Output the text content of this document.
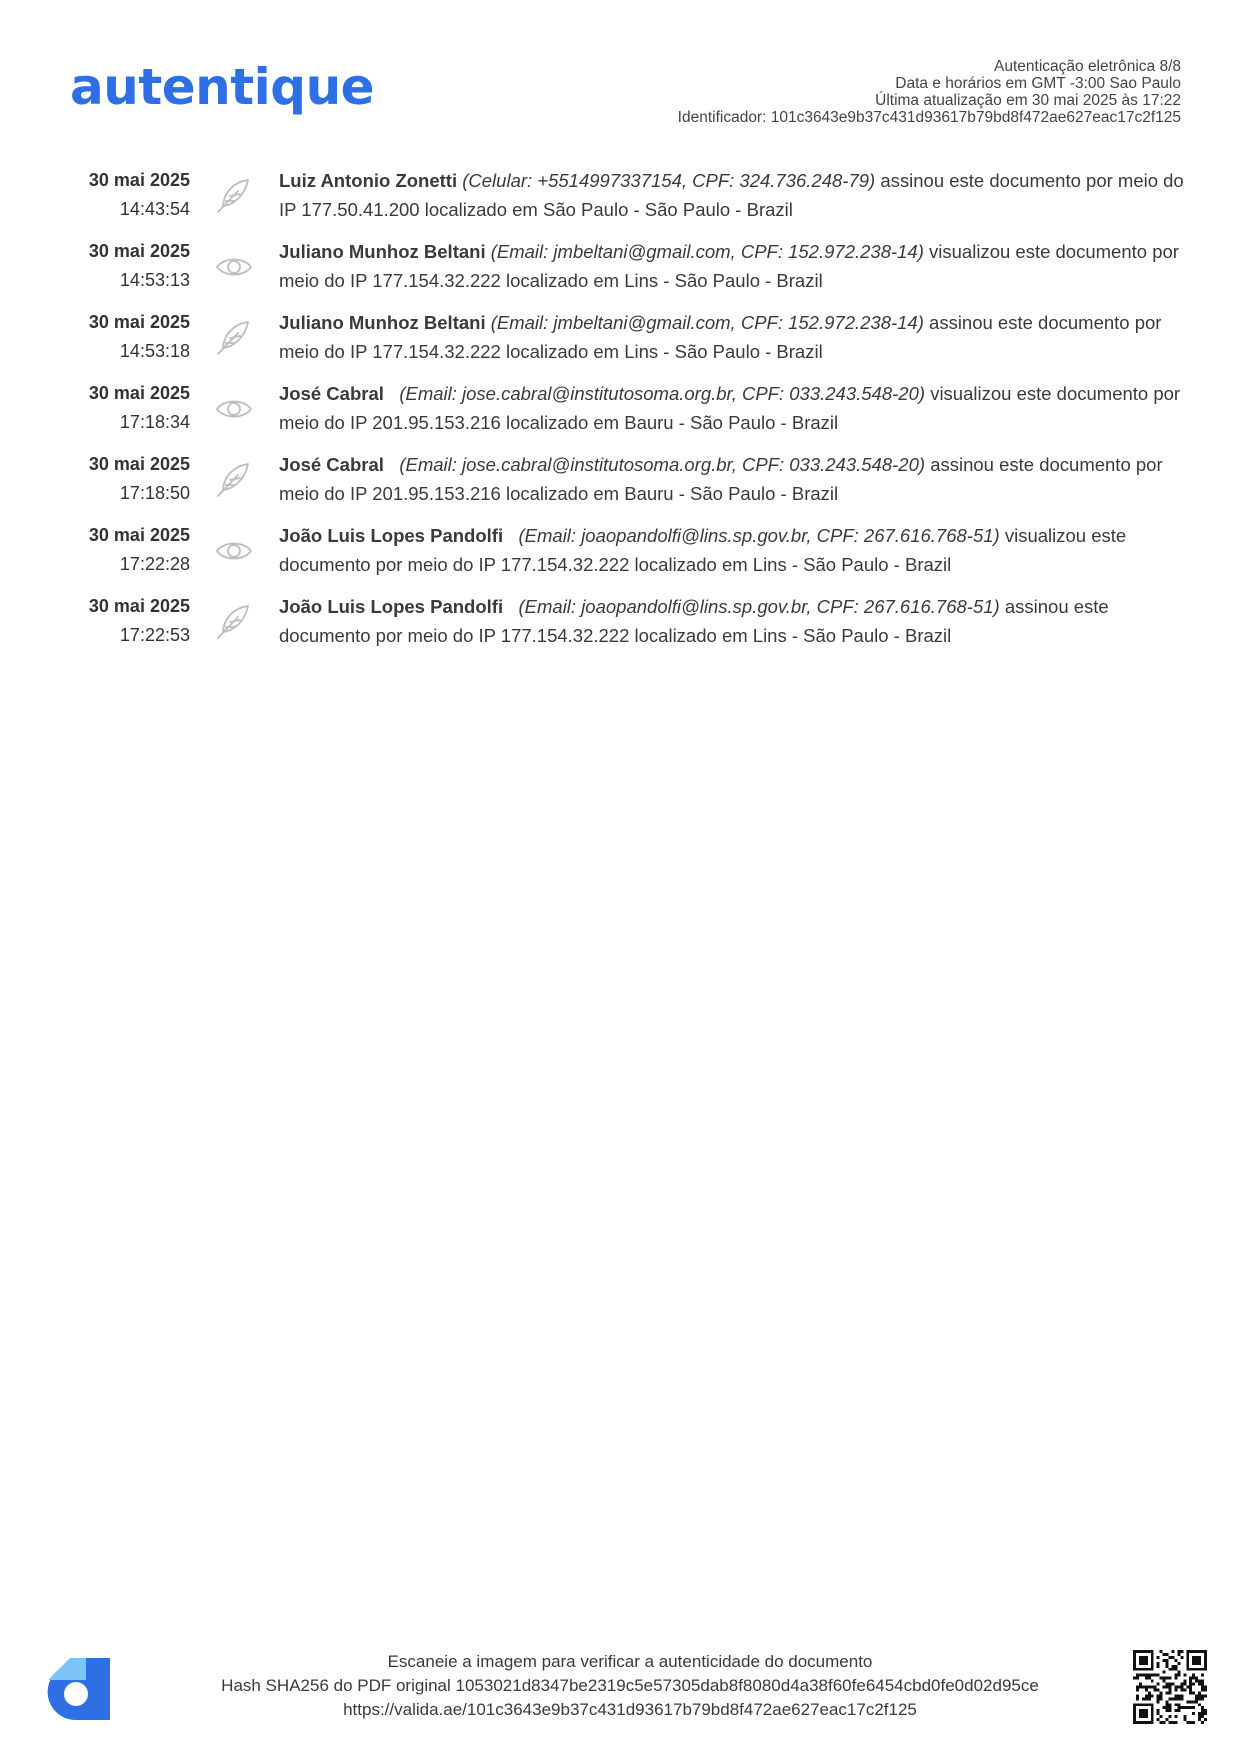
autentique	Autenticação eletrônica 8/8
Data e horários em GMT -3:00 Sao Paulo
Última atualização em 30 mai 2025 às 17:22
Identificador: 101c3643e9b37c431d93617b79bd8f472ae627eac17c2f125
30 mai 2025
14:43:54
Luiz Antonio Zonetti (Celular: +5514997337154, CPF: 324.736.248-79) assinou este documento por meio do IP 177.50.41.200 localizado em São Paulo - São Paulo - Brazil
30 mai 2025
14:53:13
Juliano Munhoz Beltani (Email: jmbeltani@gmail.com, CPF: 152.972.238-14) visualizou este documento por meio do IP 177.154.32.222 localizado em Lins - São Paulo - Brazil
30 mai 2025
14:53:18
Juliano Munhoz Beltani (Email: jmbeltani@gmail.com, CPF: 152.972.238-14) assinou este documento por meio do IP 177.154.32.222 localizado em Lins - São Paulo - Brazil
30 mai 2025
17:18:34
José Cabral (Email: jose.cabral@institutosoma.org.br, CPF: 033.243.548-20) visualizou este documento por meio do IP 201.95.153.216 localizado em Bauru - São Paulo - Brazil
30 mai 2025
17:18:50
José Cabral (Email: jose.cabral@institutosoma.org.br, CPF: 033.243.548-20) assinou este documento por meio do IP 201.95.153.216 localizado em Bauru - São Paulo - Brazil
30 mai 2025
17:22:28
João Luis Lopes Pandolfi (Email: joaopandolfi@lins.sp.gov.br, CPF: 267.616.768-51) visualizou este documento por meio do IP 177.154.32.222 localizado em Lins - São Paulo - Brazil
30 mai 2025
17:22:53
João Luis Lopes Pandolfi (Email: joaopandolfi@lins.sp.gov.br, CPF: 267.616.768-51) assinou este documento por meio do IP 177.154.32.222 localizado em Lins - São Paulo - Brazil
Escaneie a imagem para verificar a autenticidade do documento
Hash SHA256 do PDF original 1053021d8347be2319c5e57305dab8f8080d4a38f60fe6454cbd0fe0d02d95ce
https://valida.ae/101c3643e9b37c431d93617b79bd8f472ae627eac17c2f125
